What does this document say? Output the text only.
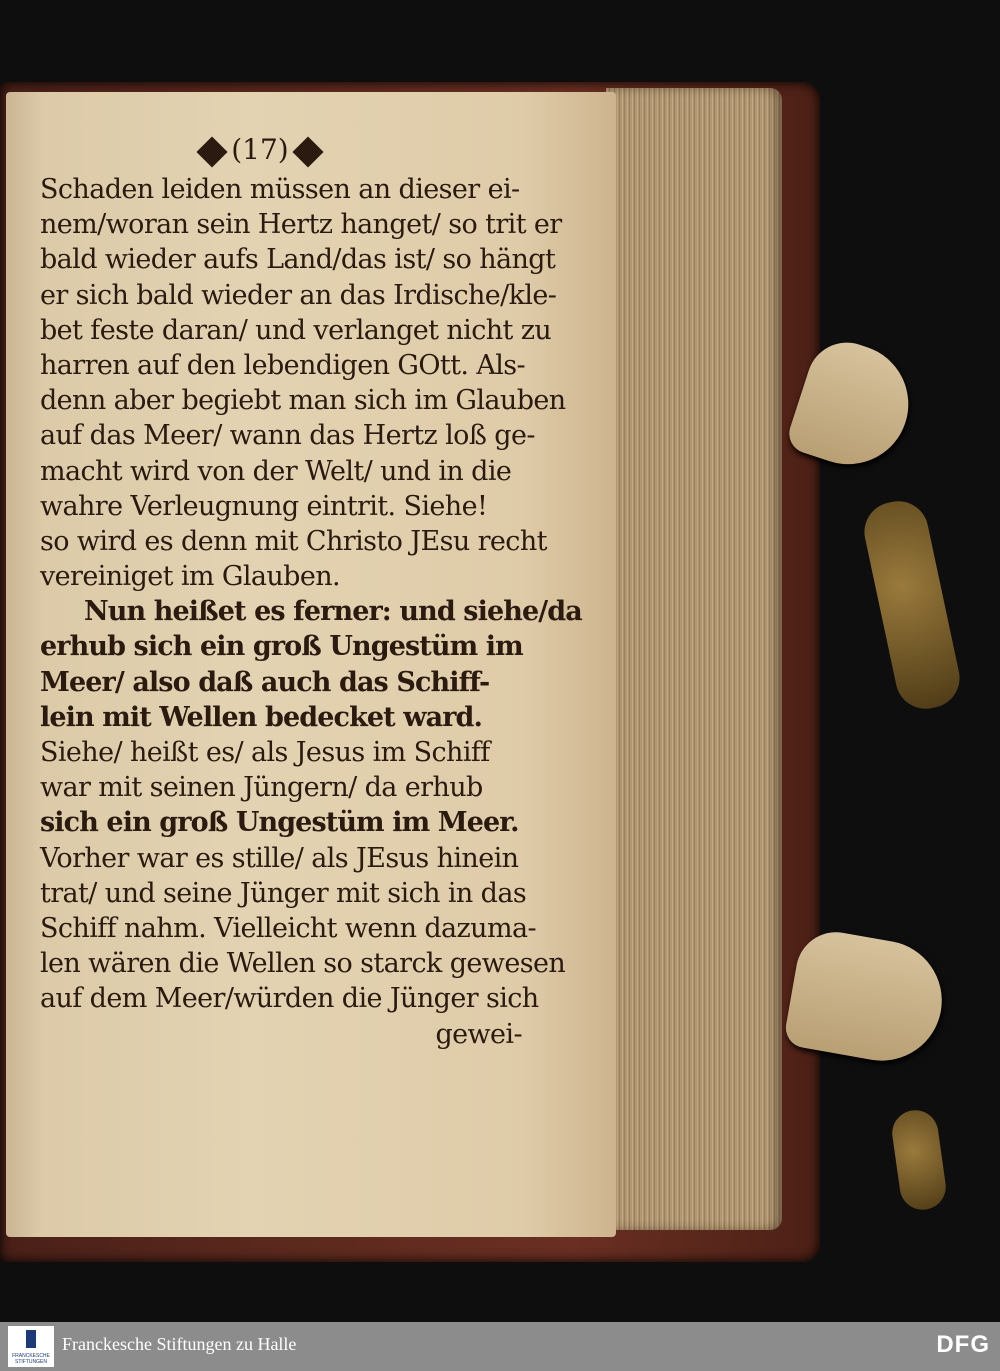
(17)
Schaden leiden müssen an dieser ei-
nem/woran sein Hertz hanget/ so trit er
bald wieder aufs Land/das ist/ so hängt
er sich bald wieder an das Irdische/kle-
bet feste daran/ und verlanget nicht zu
harren auf den lebendigen GOtt. Als-
denn aber begiebt man sich im Glauben
auf das Meer/ wann das Hertz loß ge-
macht wird von der Welt/ und in die
wahre Verleugnung eintrit. Siehe!
so wird es denn mit Christo JEsu recht
vereiniget im Glauben.
Nun heißet es ferner: und siehe/da
erhub sich ein groß Ungestüm im
Meer/ also daß auch das Schiff-
lein mit Wellen bedecket ward.
Siehe/ heißt es/ als Jesus im Schiff
war mit seinen Jüngern/ da erhub
sich ein groß Ungestüm im Meer.
Vorher war es stille/ als JEsus hinein
trat/ und seine Jünger mit sich in das
Schiff nahm. Vielleicht wenn dazuma-
len wären die Wellen so starck gewesen
auf dem Meer/würden die Jünger sich
gewei-
FRANCKESCHE STIFTUNGEN
Franckesche Stiftungen zu Halle	DFG
